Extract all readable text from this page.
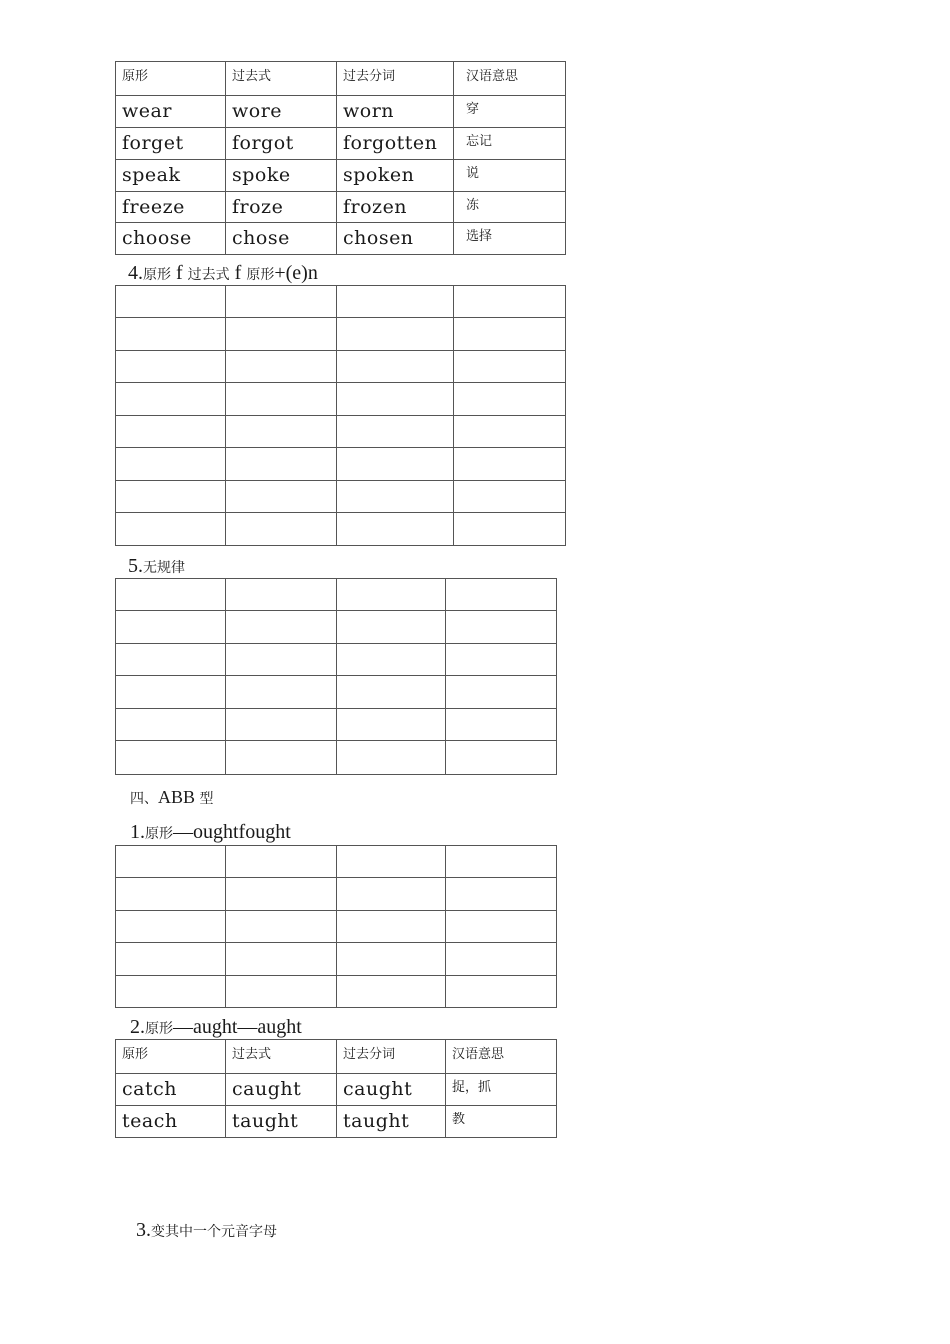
原形	过去式	过去分词	汉语意思
wear	wore	worn	穿
forget	forgot	forgotten	忘记
speak	spoke	spoken	说
freeze	froze	frozen	冻
choose	chose	chosen	选择
4.原形 f 过去式 f 原形+(e)n

5.无规律

四、ABB 型
1.原形—oughtfought

2.原形—aught—aught
原形	过去式	过去分词	汉语意思
catch	caught	caught	捉，抓
teach	taught	taught	教
3.变其中一个元音字母
